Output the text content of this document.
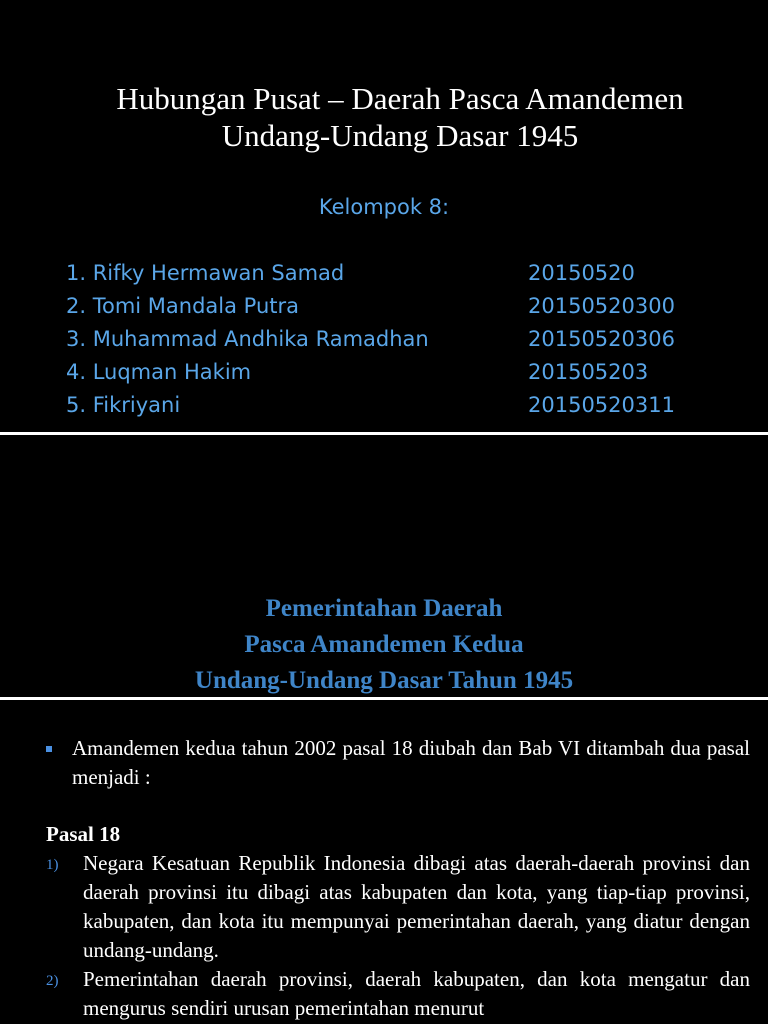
Hubungan Pusat – Daerah Pasca Amandemen
Undang-Undang Dasar 1945
Kelompok 8:
1. Rifky Hermawan Samad	20150520
2. Tomi Mandala Putra	20150520300
3. Muhammad Andhika Ramadhan	20150520306
4. Luqman Hakim	201505203
5. Fikriyani	20150520311
Pemerintahan Daerah
Pasca Amandemen Kedua
Undang-Undang Dasar Tahun 1945
Amandemen kedua tahun 2002 pasal 18 diubah dan Bab VI ditambah dua pasal menjadi :
Pasal 18
1) Negara Kesatuan Republik Indonesia dibagi atas daerah-daerah provinsi dan daerah provinsi itu dibagi atas kabupaten dan kota, yang tiap-tiap provinsi, kabupaten, dan kota itu mempunyai pemerintahan daerah, yang diatur dengan undang-undang.
2) Pemerintahan daerah provinsi, daerah kabupaten, dan kota mengatur dan mengurus sendiri urusan pemerintahan menurut
